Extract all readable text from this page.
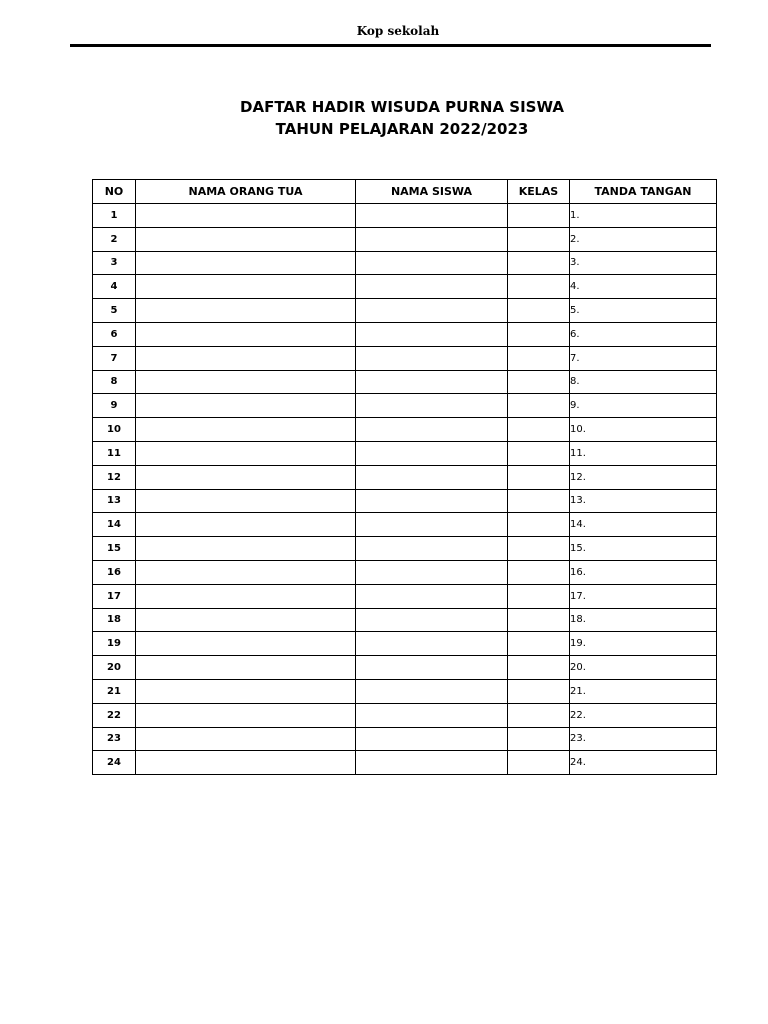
Kop sekolah
DAFTAR HADIR WISUDA PURNA SISWA
TAHUN PELAJARAN 2022/2023
NO	NAMA ORANG TUA	NAMA SISWA	KELAS	TANDA TANGAN
1				1.
2				2.
3				3.
4				4.
5				5.
6				6.
7				7.
8				8.
9				9.
10				10.
11				11.
12				12.
13				13.
14				14.
15				15.
16				16.
17				17.
18				18.
19				19.
20				20.
21				21.
22				22.
23				23.
24				24.
